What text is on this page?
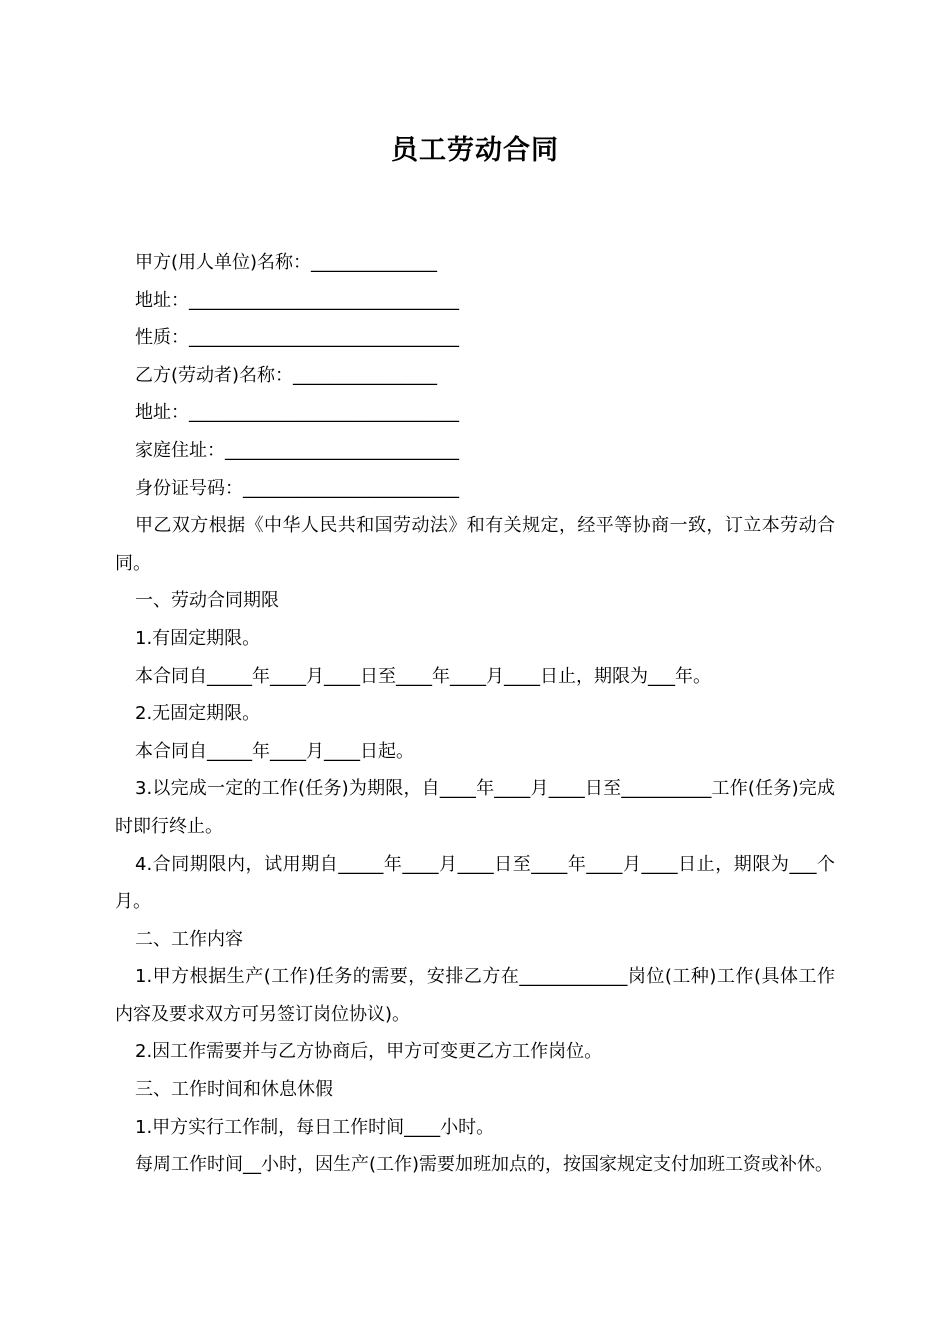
员工劳动合同

甲方(用人单位)名称：______________

地址：______________________________

性质：______________________________

乙方(劳动者)名称：________________

地址：______________________________

家庭住址：__________________________

身份证号码：________________________

甲乙双方根据《中华人民共和国劳动法》和有关规定，经平等协商一致，订立本劳动合同。

一、劳动合同期限

1.有固定期限。

本合同自_____年____月____日至____年____月____日止，期限为___年。

2.无固定期限。

本合同自_____年____月____日起。

3.以完成一定的工作(任务)为期限，自____年____月____日至__________工作(任务)完成时即行终止。

4.合同期限内，试用期自_____年____月____日至____年____月____日止，期限为___个月。

二、工作内容

1.甲方根据生产(工作)任务的需要，安排乙方在____________岗位(工种)工作(具体工作内容及要求双方可另签订岗位协议)。

2.因工作需要并与乙方协商后，甲方可变更乙方工作岗位。

三、工作时间和休息休假

1.甲方实行工作制，每日工作时间____小时。

每周工作时间__小时，因生产(工作)需要加班加点的，按国家规定支付加班工资或补休。
